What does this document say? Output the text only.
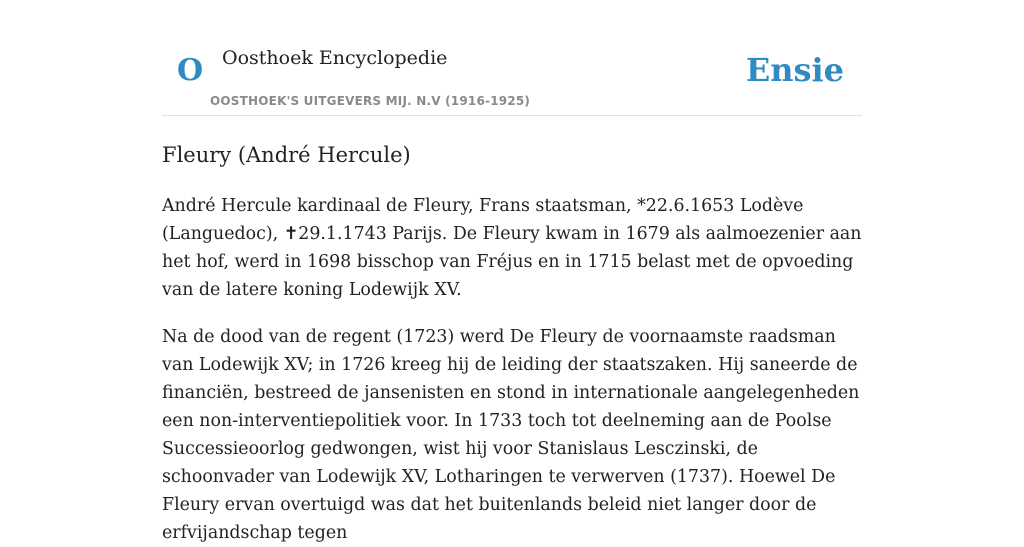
O Oosthoek Encyclopedie
OOSTHOEK'S UITGEVERS MIJ. N.V (1916-1925)
Ensie
Fleury (André Hercule)

André Hercule kardinaal de Fleury, Frans staatsman, *22.6.1653 Lodève (Languedoc), ✝29.1.1743 Parijs. De Fleury kwam in 1679 als aalmoezenier aan het hof, werd in 1698 bisschop van Fréjus en in 1715 belast met de opvoeding van de latere koning Lodewijk XV.

Na de dood van de regent (1723) werd De Fleury de voornaamste raadsman van Lodewijk XV; in 1726 kreeg hij de leiding der staatszaken. Hij saneerde de financiën, bestreed de jansenisten en stond in internationale aangelegenheden een non-interventiepolitiek voor. In 1733 toch tot deelneming aan de Poolse Successieoorlog gedwongen, wist hij voor Stanislaus Lesczinski, de schoonvader van Lodewijk XV, Lotharingen te verwerven (1737). Hoewel De Fleury ervan overtuigd was dat het buitenlands beleid niet langer door de erfvijandschap tegen
